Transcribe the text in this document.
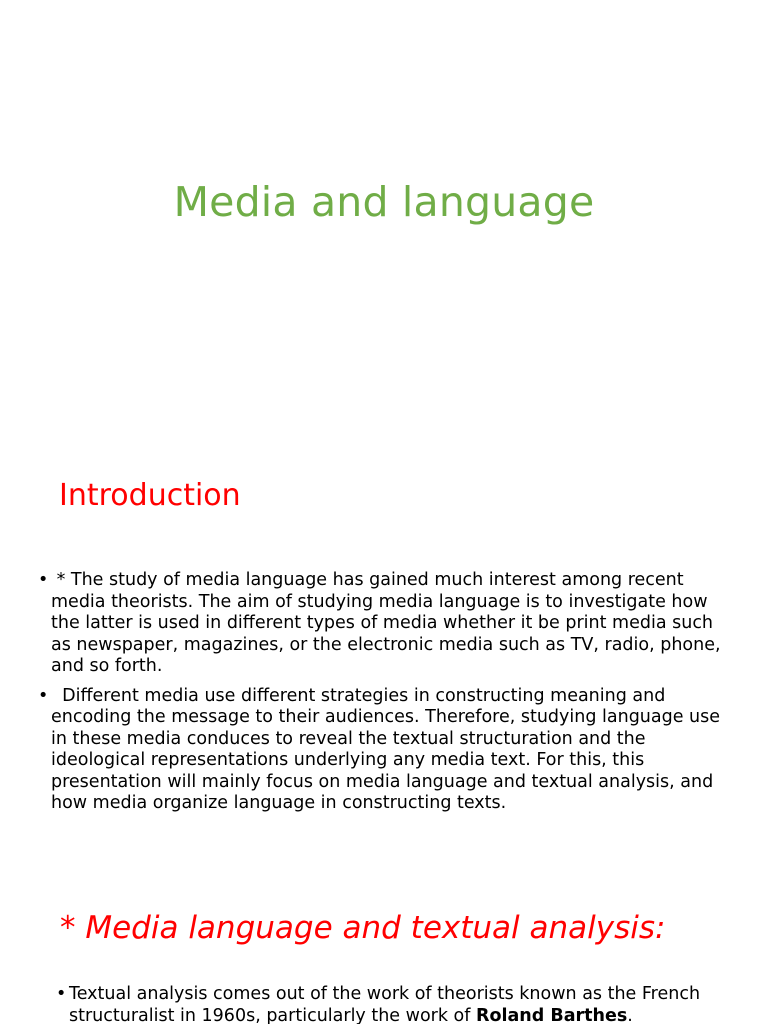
Media and language
Introduction
• * The study of media language has gained much interest among recent media theorists. The aim of studying media language is to investigate how the latter is used in different types of media whether it be print media such as newspaper, magazines, or the electronic media such as TV, radio, phone, and so forth.
• Different media use different strategies in constructing meaning and encoding the message to their audiences. Therefore, studying language use in these media conduces to reveal the textual structuration and the ideological representations underlying any media text. For this, this presentation will mainly focus on media language and textual analysis, and how media organize language in constructing texts.
* Media language and textual analysis:
• Textual analysis comes out of the work of theorists known as the French structuralist in 1960s, particularly the work of Roland Barthes.
